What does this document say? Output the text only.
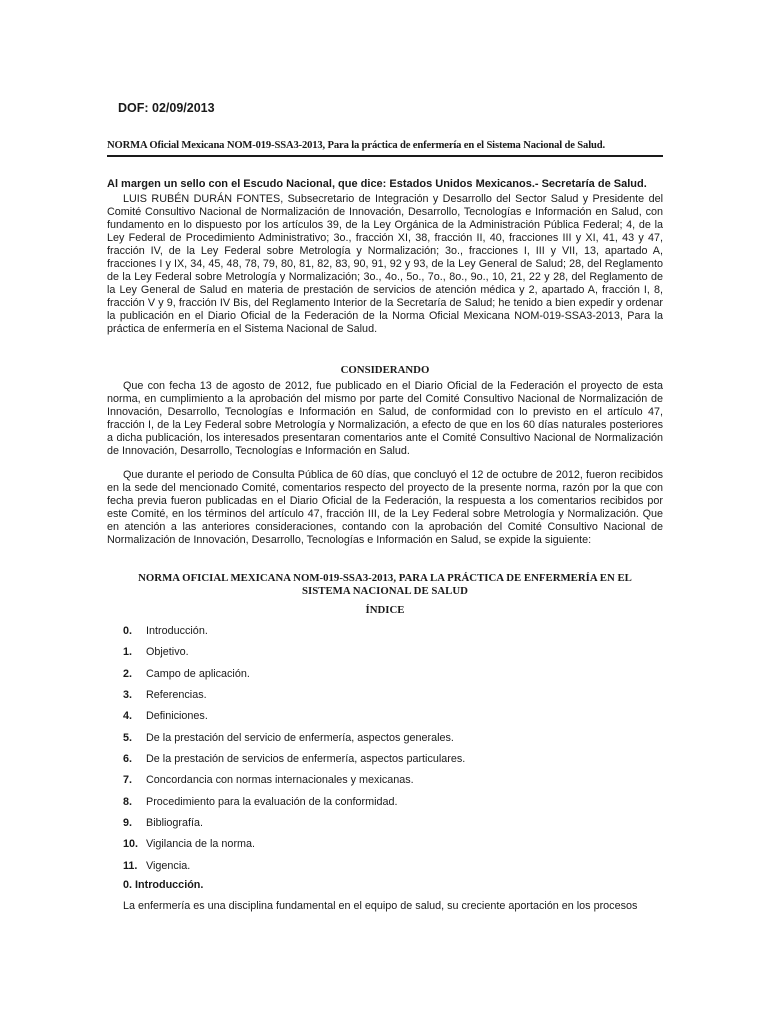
DOF: 02/09/2013
NORMA Oficial Mexicana NOM-019-SSA3-2013, Para la práctica de enfermería en el Sistema Nacional de Salud.
Al margen un sello con el Escudo Nacional, que dice: Estados Unidos Mexicanos.- Secretaría de Salud.
LUIS RUBÉN DURÁN FONTES, Subsecretario de Integración y Desarrollo del Sector Salud y Presidente del Comité Consultivo Nacional de Normalización de Innovación, Desarrollo, Tecnologías e Información en Salud, con fundamento en lo dispuesto por los artículos 39, de la Ley Orgánica de la Administración Pública Federal; 4, de la Ley Federal de Procedimiento Administrativo; 3o., fracción XI, 38, fracción II, 40, fracciones III y XI, 41, 43 y 47, fracción IV, de la Ley Federal sobre Metrología y Normalización; 3o., fracciones I, III y VII, 13, apartado A, fracciones I y IX, 34, 45, 48, 78, 79, 80, 81, 82, 83, 90, 91, 92 y 93, de la Ley General de Salud; 28, del Reglamento de la Ley Federal sobre Metrología y Normalización; 3o., 4o., 5o., 7o., 8o., 9o., 10, 21, 22 y 28, del Reglamento de la Ley General de Salud en materia de prestación de servicios de atención médica y 2, apartado A, fracción I, 8, fracción V y 9, fracción IV Bis, del Reglamento Interior de la Secretaría de Salud; he tenido a bien expedir y ordenar la publicación en el Diario Oficial de la Federación de la Norma Oficial Mexicana NOM-019-SSA3-2013, Para la práctica de enfermería en el Sistema Nacional de Salud.
CONSIDERANDO
Que con fecha 13 de agosto de 2012, fue publicado en el Diario Oficial de la Federación el proyecto de esta norma, en cumplimiento a la aprobación del mismo por parte del Comité Consultivo Nacional de Normalización de Innovación, Desarrollo, Tecnologías e Información en Salud, de conformidad con lo previsto en el artículo 47, fracción I, de la Ley Federal sobre Metrología y Normalización, a efecto de que en los 60 días naturales posteriores a dicha publicación, los interesados presentaran comentarios ante el Comité Consultivo Nacional de Normalización de Innovación, Desarrollo, Tecnologías e Información en Salud.
Que durante el periodo de Consulta Pública de 60 días, que concluyó el 12 de octubre de 2012, fueron recibidos en la sede del mencionado Comité, comentarios respecto del proyecto de la presente norma, razón por la que con fecha previa fueron publicadas en el Diario Oficial de la Federación, la respuesta a los comentarios recibidos por este Comité, en los términos del artículo 47, fracción III, de la Ley Federal sobre Metrología y Normalización. Que en atención a las anteriores consideraciones, contando con la aprobación del Comité Consultivo Nacional de Normalización de Innovación, Desarrollo, Tecnologías e Información en Salud, se expide la siguiente:
NORMA OFICIAL MEXICANA NOM-019-SSA3-2013, PARA LA PRÁCTICA DE ENFERMERÍA EN EL
SISTEMA NACIONAL DE SALUD
ÍNDICE
0. Introducción.
1. Objetivo.
2. Campo de aplicación.
3. Referencias.
4. Definiciones.
5. De la prestación del servicio de enfermería, aspectos generales.
6. De la prestación de servicios de enfermería, aspectos particulares.
7. Concordancia con normas internacionales y mexicanas.
8. Procedimiento para la evaluación de la conformidad.
9. Bibliografía.
10. Vigilancia de la norma.
11. Vigencia.
0. Introducción.
La enfermería es una disciplina fundamental en el equipo de salud, su creciente aportación en los procesos
